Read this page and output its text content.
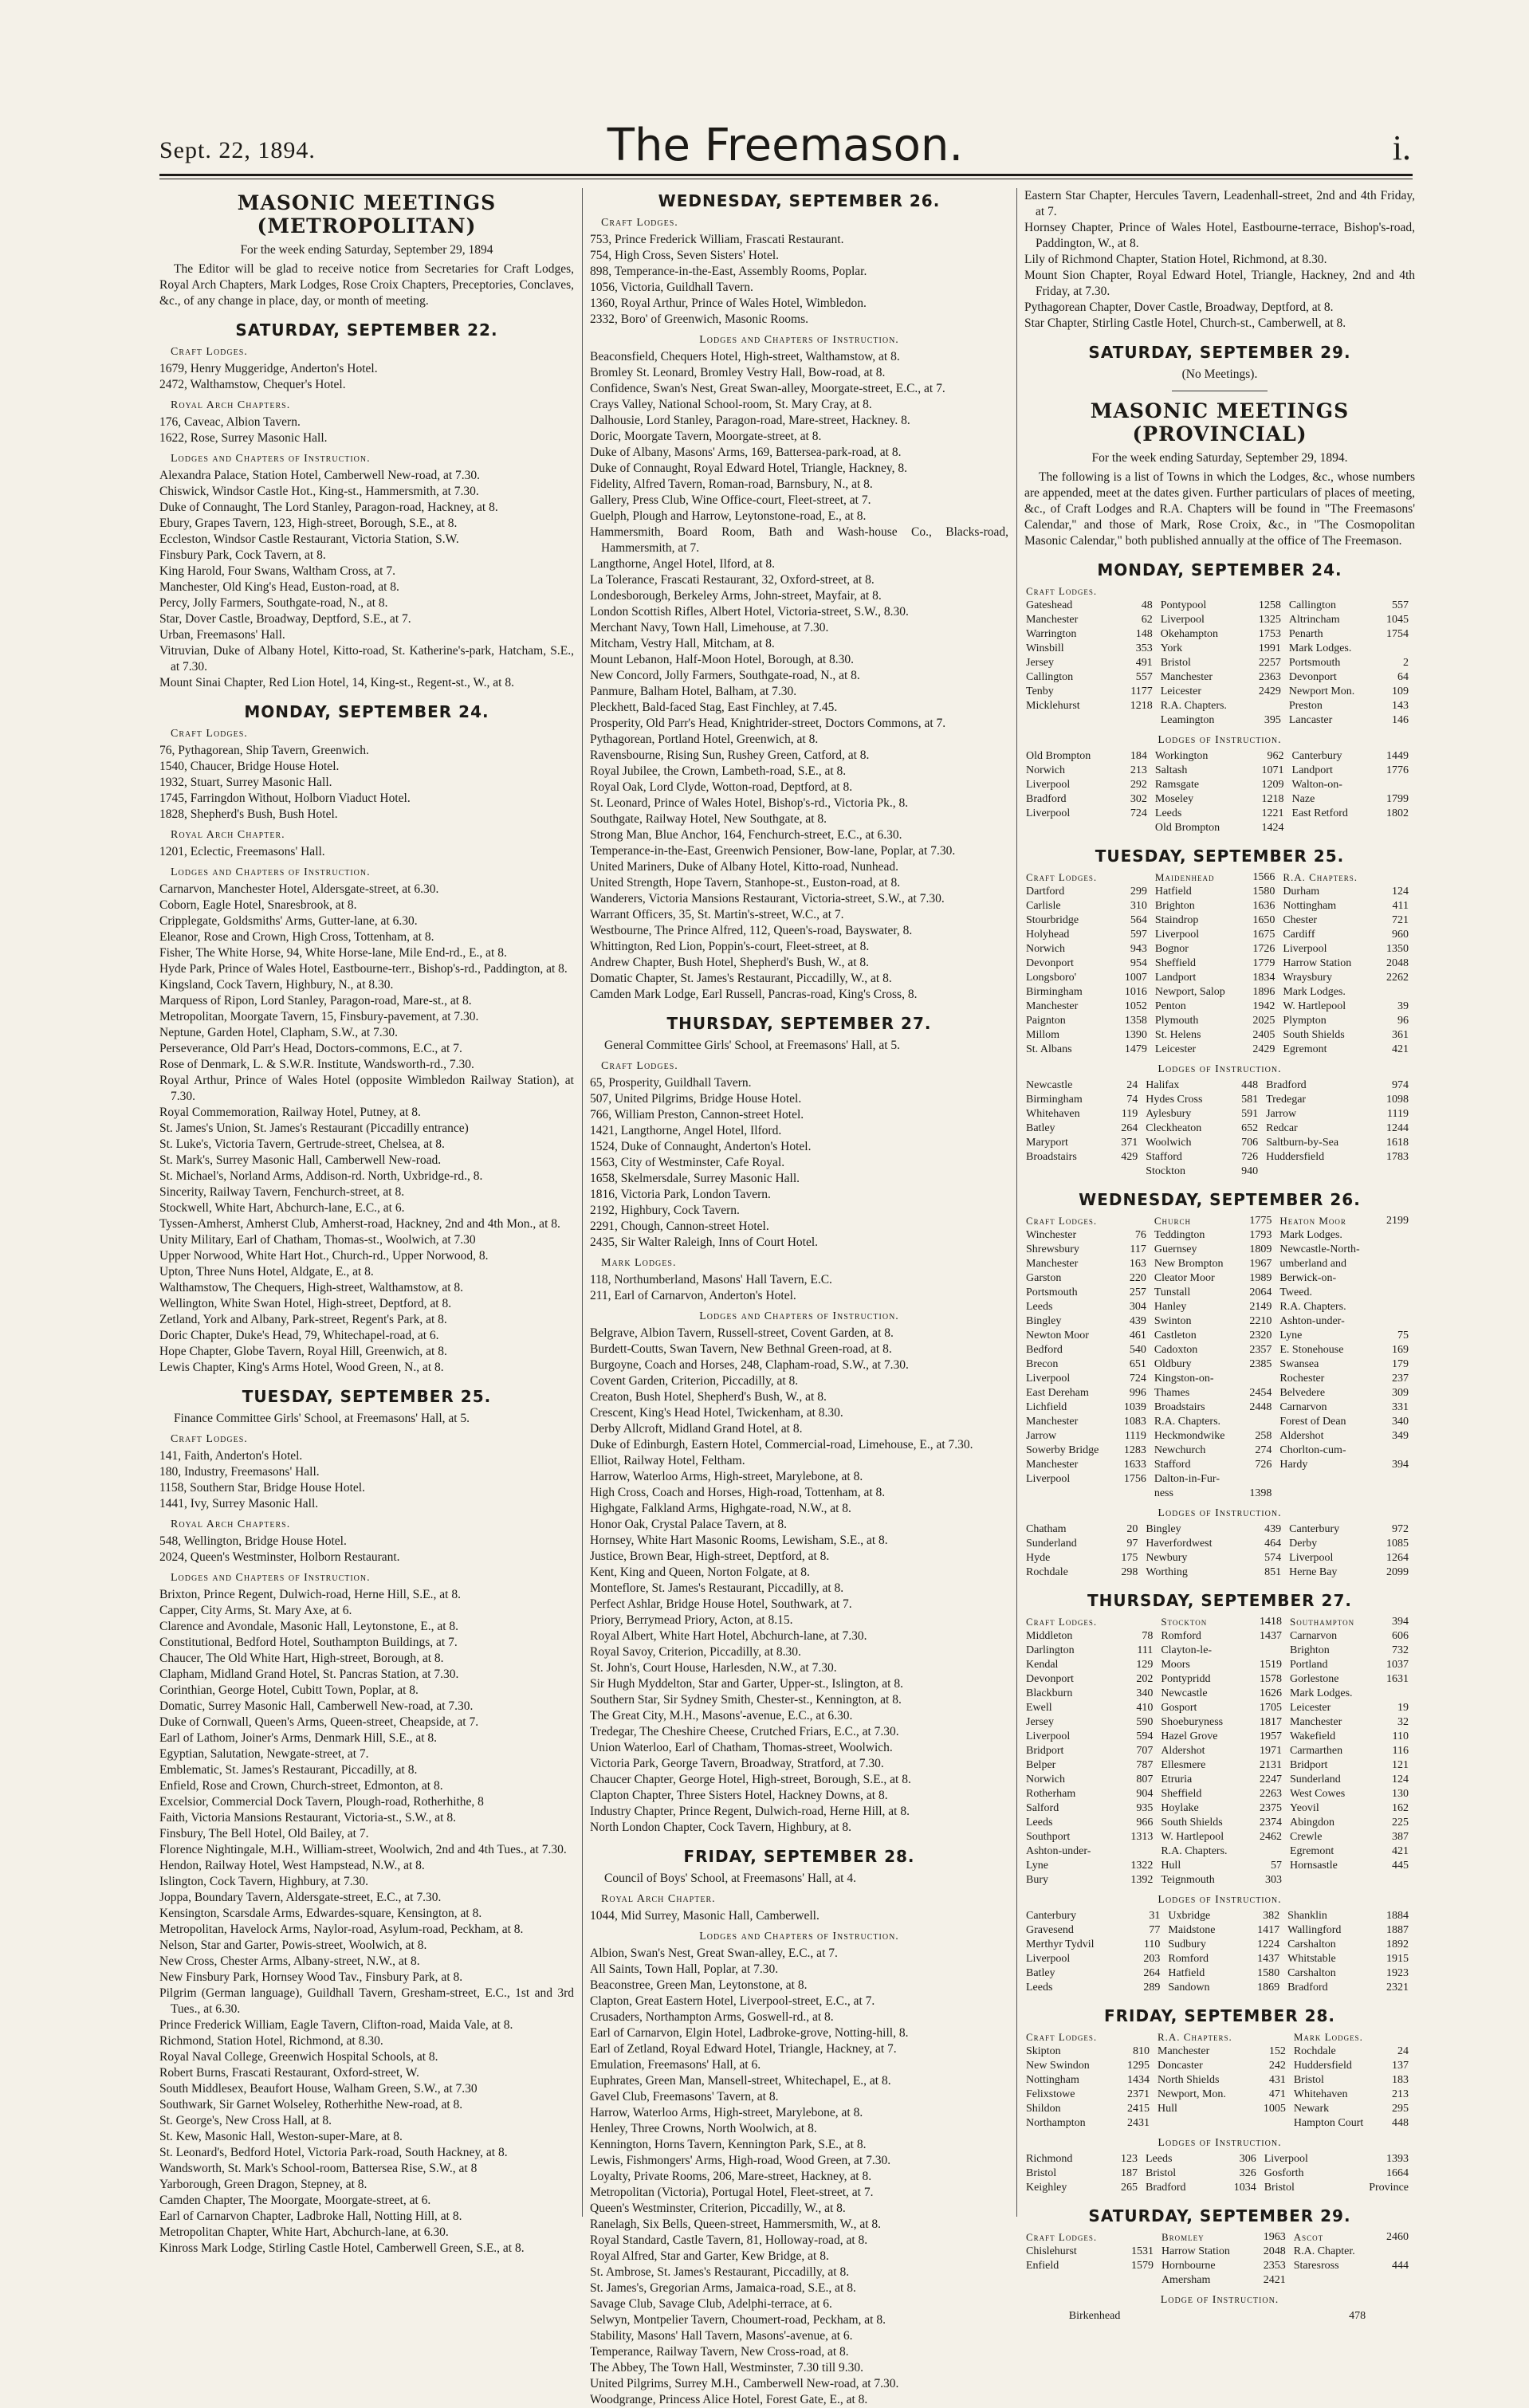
Sept. 22, 1894.	The Freemason.	i.
MASONIC MEETINGS (METROPOLITAN)
For the week ending Saturday, September 29, 1894

The Editor will be glad to receive notice from Secretaries for Craft Lodges, Royal Arch Chapters, Mark Lodges, Rose Croix Chapters, Preceptories, Conclaves, &c., of any change in place, day, or month of meeting.

SATURDAY, SEPTEMBER 22.
Craft Lodges.

1679, Henry Muggeridge, Anderton's Hotel.

2472, Walthamstow, Chequer's Hotel.

Royal Arch Chapters.

176, Caveac, Albion Tavern.

1622, Rose, Surrey Masonic Hall.

Lodges and Chapters of Instruction.

Alexandra Palace, Station Hotel, Camberwell New-road, at 7.30.

Chiswick, Windsor Castle Hot., King-st., Hammersmith, at 7.30.

Duke of Connaught, The Lord Stanley, Paragon-road, Hackney, at 8.

Ebury, Grapes Tavern, 123, High-street, Borough, S.E., at 8.

Eccleston, Windsor Castle Restaurant, Victoria Station, S.W.

Finsbury Park, Cock Tavern, at 8.

King Harold, Four Swans, Waltham Cross, at 7.

Manchester, Old King's Head, Euston-road, at 8.

Percy, Jolly Farmers, Southgate-road, N., at 8.

Star, Dover Castle, Broadway, Deptford, S.E., at 7.

Urban, Freemasons' Hall.

Vitruvian, Duke of Albany Hotel, Kitto-road, St. Katherine's-park, Hatcham, S.E., at 7.30.

Mount Sinai Chapter, Red Lion Hotel, 14, King-st., Regent-st., W., at 8.

MONDAY, SEPTEMBER 24.
Craft Lodges.

76, Pythagorean, Ship Tavern, Greenwich.

1540, Chaucer, Bridge House Hotel.

1932, Stuart, Surrey Masonic Hall.

1745, Farringdon Without, Holborn Viaduct Hotel.

1828, Shepherd's Bush, Bush Hotel.

Royal Arch Chapter.

1201, Eclectic, Freemasons' Hall.

Lodges and Chapters of Instruction.

Carnarvon, Manchester Hotel, Aldersgate-street, at 6.30.

Coborn, Eagle Hotel, Snaresbrook, at 8.

Cripplegate, Goldsmiths' Arms, Gutter-lane, at 6.30.

Eleanor, Rose and Crown, High Cross, Tottenham, at 8.

Fisher, The White Horse, 94, White Horse-lane, Mile End-rd., E., at 8.

Hyde Park, Prince of Wales Hotel, Eastbourne-terr., Bishop's-rd., Paddington, at 8.

Kingsland, Cock Tavern, Highbury, N., at 8.30.

Marquess of Ripon, Lord Stanley, Paragon-road, Mare-st., at 8.

Metropolitan, Moorgate Tavern, 15, Finsbury-pavement, at 7.30.

Neptune, Garden Hotel, Clapham, S.W., at 7.30.

Perseverance, Old Parr's Head, Doctors-commons, E.C., at 7.

Rose of Denmark, L. & S.W.R. Institute, Wandsworth-rd., 7.30.

Royal Arthur, Prince of Wales Hotel (opposite Wimbledon Railway Station), at 7.30.

Royal Commemoration, Railway Hotel, Putney, at 8.

St. James's Union, St. James's Restaurant (Piccadilly entrance)

St. Luke's, Victoria Tavern, Gertrude-street, Chelsea, at 8.

St. Mark's, Surrey Masonic Hall, Camberwell New-road.

St. Michael's, Norland Arms, Addison-rd. North, Uxbridge-rd., 8.

Sincerity, Railway Tavern, Fenchurch-street, at 8.

Stockwell, White Hart, Abchurch-lane, E.C., at 6.

Tyssen-Amherst, Amherst Club, Amherst-road, Hackney, 2nd and 4th Mon., at 8.

Unity Military, Earl of Chatham, Thomas-st., Woolwich, at 7.30

Upper Norwood, White Hart Hot., Church-rd., Upper Norwood, 8.

Upton, Three Nuns Hotel, Aldgate, E., at 8.

Walthamstow, The Chequers, High-street, Walthamstow, at 8.

Wellington, White Swan Hotel, High-street, Deptford, at 8.

Zetland, York and Albany, Park-street, Regent's Park, at 8.

Doric Chapter, Duke's Head, 79, Whitechapel-road, at 6.

Hope Chapter, Globe Tavern, Royal Hill, Greenwich, at 8.

Lewis Chapter, King's Arms Hotel, Wood Green, N., at 8.

TUESDAY, SEPTEMBER 25.

Finance Committee Girls' School, at Freemasons' Hall, at 5.

Craft Lodges.

141, Faith, Anderton's Hotel.

180, Industry, Freemasons' Hall.

1158, Southern Star, Bridge House Hotel.

1441, Ivy, Surrey Masonic Hall.

Royal Arch Chapters.

548, Wellington, Bridge House Hotel.

2024, Queen's Westminster, Holborn Restaurant.

Lodges and Chapters of Instruction.

Brixton, Prince Regent, Dulwich-road, Herne Hill, S.E., at 8.

Capper, City Arms, St. Mary Axe, at 6.

Clarence and Avondale, Masonic Hall, Leytonstone, E., at 8.

Constitutional, Bedford Hotel, Southampton Buildings, at 7.

Chaucer, The Old White Hart, High-street, Borough, at 8.

Clapham, Midland Grand Hotel, St. Pancras Station, at 7.30.

Corinthian, George Hotel, Cubitt Town, Poplar, at 8.

Domatic, Surrey Masonic Hall, Camberwell New-road, at 7.30.

Duke of Cornwall, Queen's Arms, Queen-street, Cheapside, at 7.

Earl of Lathom, Joiner's Arms, Denmark Hill, S.E., at 8.

Egyptian, Salutation, Newgate-street, at 7.

Emblematic, St. James's Restaurant, Piccadilly, at 8.

Enfield, Rose and Crown, Church-street, Edmonton, at 8.

Excelsior, Commercial Dock Tavern, Plough-road, Rotherhithe, 8

Faith, Victoria Mansions Restaurant, Victoria-st., S.W., at 8.

Finsbury, The Bell Hotel, Old Bailey, at 7.

Florence Nightingale, M.H., William-street, Woolwich, 2nd and 4th Tues., at 7.30.

Hendon, Railway Hotel, West Hampstead, N.W., at 8.

Islington, Cock Tavern, Highbury, at 7.30.

Joppa, Boundary Tavern, Aldersgate-street, E.C., at 7.30.

Kensington, Scarsdale Arms, Edwardes-square, Kensington, at 8.

Metropolitan, Havelock Arms, Naylor-road, Asylum-road, Peckham, at 8.

Nelson, Star and Garter, Powis-street, Woolwich, at 8.

New Cross, Chester Arms, Albany-street, N.W., at 8.

New Finsbury Park, Hornsey Wood Tav., Finsbury Park, at 8.

Pilgrim (German language), Guildhall Tavern, Gresham-street, E.C., 1st and 3rd Tues., at 6.30.

Prince Frederick William, Eagle Tavern, Clifton-road, Maida Vale, at 8.

Richmond, Station Hotel, Richmond, at 8.30.

Royal Naval College, Greenwich Hospital Schools, at 8.

Robert Burns, Frascati Restaurant, Oxford-street, W.

South Middlesex, Beaufort House, Walham Green, S.W., at 7.30

Southwark, Sir Garnet Wolseley, Rotherhithe New-road, at 8.

St. George's, New Cross Hall, at 8.

St. Kew, Masonic Hall, Weston-super-Mare, at 8.

St. Leonard's, Bedford Hotel, Victoria Park-road, South Hackney, at 8.

Wandsworth, St. Mark's School-room, Battersea Rise, S.W., at 8

Yarborough, Green Dragon, Stepney, at 8.

Camden Chapter, The Moorgate, Moorgate-street, at 6.

Earl of Carnarvon Chapter, Ladbroke Hall, Notting Hill, at 8.

Metropolitan Chapter, White Hart, Abchurch-lane, at 6.30.

Kinross Mark Lodge, Stirling Castle Hotel, Camberwell Green, S.E., at 8.

WEDNESDAY, SEPTEMBER 26.
Craft Lodges.

753, Prince Frederick William, Frascati Restaurant.

754, High Cross, Seven Sisters' Hotel.

898, Temperance-in-the-East, Assembly Rooms, Poplar.

1056, Victoria, Guildhall Tavern.

1360, Royal Arthur, Prince of Wales Hotel, Wimbledon.

2332, Boro' of Greenwich, Masonic Rooms.

Lodges and Chapters of Instruction.

Beaconsfield, Chequers Hotel, High-street, Walthamstow, at 8.

Bromley St. Leonard, Bromley Vestry Hall, Bow-road, at 8.

Confidence, Swan's Nest, Great Swan-alley, Moorgate-street, E.C., at 7.

Crays Valley, National School-room, St. Mary Cray, at 8.

Dalhousie, Lord Stanley, Paragon-road, Mare-street, Hackney. 8.

Doric, Moorgate Tavern, Moorgate-street, at 8.

Duke of Albany, Masons' Arms, 169, Battersea-park-road, at 8.

Duke of Connaught, Royal Edward Hotel, Triangle, Hackney, 8.

Fidelity, Alfred Tavern, Roman-road, Barnsbury, N., at 8.

Gallery, Press Club, Wine Office-court, Fleet-street, at 7.

Guelph, Plough and Harrow, Leytonstone-road, E., at 8.

Hammersmith, Board Room, Bath and Wash-house Co., Blacks-road, Hammersmith, at 7.

Langthorne, Angel Hotel, Ilford, at 8.

La Tolerance, Frascati Restaurant, 32, Oxford-street, at 8.

Londesborough, Berkeley Arms, John-street, Mayfair, at 8.

London Scottish Rifles, Albert Hotel, Victoria-street, S.W., 8.30.

Merchant Navy, Town Hall, Limehouse, at 7.30.

Mitcham, Vestry Hall, Mitcham, at 8.

Mount Lebanon, Half-Moon Hotel, Borough, at 8.30.

New Concord, Jolly Farmers, Southgate-road, N., at 8.

Panmure, Balham Hotel, Balham, at 7.30.

Pleckhett, Bald-faced Stag, East Finchley, at 7.45.

Prosperity, Old Parr's Head, Knightrider-street, Doctors Commons, at 7.

Pythagorean, Portland Hotel, Greenwich, at 8.

Ravensbourne, Rising Sun, Rushey Green, Catford, at 8.

Royal Jubilee, the Crown, Lambeth-road, S.E., at 8.

Royal Oak, Lord Clyde, Wotton-road, Deptford, at 8.

St. Leonard, Prince of Wales Hotel, Bishop's-rd., Victoria Pk., 8.

Southgate, Railway Hotel, New Southgate, at 8.

Strong Man, Blue Anchor, 164, Fenchurch-street, E.C., at 6.30.

Temperance-in-the-East, Greenwich Pensioner, Bow-lane, Poplar, at 7.30.

United Mariners, Duke of Albany Hotel, Kitto-road, Nunhead.

United Strength, Hope Tavern, Stanhope-st., Euston-road, at 8.

Wanderers, Victoria Mansions Restaurant, Victoria-street, S.W., at 7.30.

Warrant Officers, 35, St. Martin's-street, W.C., at 7.

Westbourne, The Prince Alfred, 112, Queen's-road, Bayswater, 8.

Whittington, Red Lion, Poppin's-court, Fleet-street, at 8.

Andrew Chapter, Bush Hotel, Shepherd's Bush, W., at 8.

Domatic Chapter, St. James's Restaurant, Piccadilly, W., at 8.

Camden Mark Lodge, Earl Russell, Pancras-road, King's Cross, 8.

THURSDAY, SEPTEMBER 27.

General Committee Girls' School, at Freemasons' Hall, at 5.

Craft Lodges.

65, Prosperity, Guildhall Tavern.

507, United Pilgrims, Bridge House Hotel.

766, William Preston, Cannon-street Hotel.

1421, Langthorne, Angel Hotel, Ilford.

1524, Duke of Connaught, Anderton's Hotel.

1563, City of Westminster, Cafe Royal.

1658, Skelmersdale, Surrey Masonic Hall.

1816, Victoria Park, London Tavern.

2192, Highbury, Cock Tavern.

2291, Chough, Cannon-street Hotel.

2435, Sir Walter Raleigh, Inns of Court Hotel.

Mark Lodges.

118, Northumberland, Masons' Hall Tavern, E.C.

211, Earl of Carnarvon, Anderton's Hotel.

Lodges and Chapters of Instruction.

Belgrave, Albion Tavern, Russell-street, Covent Garden, at 8.

Burdett-Coutts, Swan Tavern, New Bethnal Green-road, at 8.

Burgoyne, Coach and Horses, 248, Clapham-road, S.W., at 7.30.

Covent Garden, Criterion, Piccadilly, at 8.

Creaton, Bush Hotel, Shepherd's Bush, W., at 8.

Crescent, King's Head Hotel, Twickenham, at 8.30.

Derby Allcroft, Midland Grand Hotel, at 8.

Duke of Edinburgh, Eastern Hotel, Commercial-road, Limehouse, E., at 7.30.

Elliot, Railway Hotel, Feltham.

Harrow, Waterloo Arms, High-street, Marylebone, at 8.

High Cross, Coach and Horses, High-road, Tottenham, at 8.

Highgate, Falkland Arms, Highgate-road, N.W., at 8.

Honor Oak, Crystal Palace Tavern, at 8.

Hornsey, White Hart Masonic Rooms, Lewisham, S.E., at 8.

Justice, Brown Bear, High-street, Deptford, at 8.

Kent, King and Queen, Norton Folgate, at 8.

Monteflore, St. James's Restaurant, Piccadilly, at 8.

Perfect Ashlar, Bridge House Hotel, Southwark, at 7.

Priory, Berrymead Priory, Acton, at 8.15.

Royal Albert, White Hart Hotel, Abchurch-lane, at 7.30.

Royal Savoy, Criterion, Piccadilly, at 8.30.

St. John's, Court House, Harlesden, N.W., at 7.30.

Sir Hugh Myddelton, Star and Garter, Upper-st., Islington, at 8.

Southern Star, Sir Sydney Smith, Chester-st., Kennington, at 8.

The Great City, M.H., Masons'-avenue, E.C., at 6.30.

Tredegar, The Cheshire Cheese, Crutched Friars, E.C., at 7.30.

Union Waterloo, Earl of Chatham, Thomas-street, Woolwich.

Victoria Park, George Tavern, Broadway, Stratford, at 7.30.

Chaucer Chapter, George Hotel, High-street, Borough, S.E., at 8.

Clapton Chapter, Three Sisters Hotel, Hackney Downs, at 8.

Industry Chapter, Prince Regent, Dulwich-road, Herne Hill, at 8.

North London Chapter, Cock Tavern, Highbury, at 8.

FRIDAY, SEPTEMBER 28.

Council of Boys' School, at Freemasons' Hall, at 4.

Royal Arch Chapter.

1044, Mid Surrey, Masonic Hall, Camberwell.

Lodges and Chapters of Instruction.

Albion, Swan's Nest, Great Swan-alley, E.C., at 7.

All Saints, Town Hall, Poplar, at 7.30.

Beaconstree, Green Man, Leytonstone, at 8.

Clapton, Great Eastern Hotel, Liverpool-street, E.C., at 7.

Crusaders, Northampton Arms, Goswell-rd., at 8.

Earl of Carnarvon, Elgin Hotel, Ladbroke-grove, Notting-hill, 8.

Earl of Zetland, Royal Edward Hotel, Triangle, Hackney, at 7.

Emulation, Freemasons' Hall, at 6.

Euphrates, Green Man, Mansell-street, Whitechapel, E., at 8.

Gavel Club, Freemasons' Tavern, at 8.

Harrow, Waterloo Arms, High-street, Marylebone, at 8.

Henley, Three Crowns, North Woolwich, at 8.

Kennington, Horns Tavern, Kennington Park, S.E., at 8.

Lewis, Fishmongers' Arms, High-road, Wood Green, at 7.30.

Loyalty, Private Rooms, 206, Mare-street, Hackney, at 8.

Metropolitan (Victoria), Portugal Hotel, Fleet-street, at 7.

Queen's Westminster, Criterion, Piccadilly, W., at 8.

Ranelagh, Six Bells, Queen-street, Hammersmith, W., at 8.

Royal Standard, Castle Tavern, 81, Holloway-road, at 8.

Royal Alfred, Star and Garter, Kew Bridge, at 8.

St. Ambrose, St. James's Restaurant, Piccadilly, at 8.

St. James's, Gregorian Arms, Jamaica-road, S.E., at 8.

Savage Club, Savage Club, Adelphi-terrace, at 6.

Selwyn, Montpelier Tavern, Choumert-road, Peckham, at 8.

Stability, Masons' Hall Tavern, Masons'-avenue, at 6.

Temperance, Railway Tavern, New Cross-road, at 8.

The Abbey, The Town Hall, Westminster, 7.30 till 9.30.

United Pilgrims, Surrey M.H., Camberwell New-road, at 7.30.

Woodgrange, Princess Alice Hotel, Forest Gate, E., at 8.

Eastern Star Chapter, Hercules Tavern, Leadenhall-street, 2nd and 4th Friday, at 7.

Hornsey Chapter, Prince of Wales Hotel, Eastbourne-terrace, Bishop's-road, Paddington, W., at 8.

Lily of Richmond Chapter, Station Hotel, Richmond, at 8.30.

Mount Sion Chapter, Royal Edward Hotel, Triangle, Hackney, 2nd and 4th Friday, at 7.30.

Pythagorean Chapter, Dover Castle, Broadway, Deptford, at 8.

Star Chapter, Stirling Castle Hotel, Church-st., Camberwell, at 8.

SATURDAY, SEPTEMBER 29.
(No Meetings).
MASONIC MEETINGS (PROVINCIAL)
For the week ending Saturday, September 29, 1894.

The following is a list of Towns in which the Lodges, &c., whose numbers are appended, meet at the dates given. Further particulars of places of meeting, &c., of Craft Lodges and R.A. Chapters will be found in "The Freemasons' Calendar," and those of Mark, Rose Croix, &c., in "The Cosmopolitan Masonic Calendar," both published annually at the office of The Freemason.

MONDAY, SEPTEMBER 24.
Craft Lodges.					
Gateshead	48	Pontypool	1258	Callington	557
Manchester	62	Liverpool	1325	Altrincham	1045
Warrington	148	Okehampton	1753	Penarth	1754
Winsbill	353	York	1991	Mark Lodges.	
Jersey	491	Bristol	2257	Portsmouth	2
Callington	557	Manchester	2363	Devonport	64
Tenby	1177	Leicester	2429	Newport Mon.	109
Micklehurst	1218	R.A. Chapters.		Preston	143
		Leamington	395	Lancaster	146
Lodges of Instruction.
Old Brompton	184	Workington	962	Canterbury	1449
Norwich	213	Saltash	1071	Landport	1776
Liverpool	292	Ramsgate	1209	Walton-on-	
Bradford	302	Moseley	1218	Naze	1799
Liverpool	724	Leeds	1221	East Retford	1802
		Old Brompton	1424		
TUESDAY, SEPTEMBER 25.
Craft Lodges.		Maidenhead	1566	R.A. Chapters.	
Dartford	299	Hatfield	1580	Durham	124
Carlisle	310	Brighton	1636	Nottingham	411
Stourbridge	564	Staindrop	1650	Chester	721
Holyhead	597	Liverpool	1675	Cardiff	960
Norwich	943	Bognor	1726	Liverpool	1350
Devonport	954	Sheffield	1779	Harrow Station	2048
Longsboro'	1007	Landport	1834	Wraysbury	2262
Birmingham	1016	Newport, Salop	1896	Mark Lodges.	
Manchester	1052	Penton	1942	W. Hartlepool	39
Paignton	1358	Plymouth	2025	Plympton	96
Millom	1390	St. Helens	2405	South Shields	361
St. Albans	1479	Leicester	2429	Egremont	421
Lodges of Instruction.
Newcastle	24	Halifax	448	Bradford	974
Birmingham	74	Hydes Cross	581	Tredegar	1098
Whitehaven	119	Aylesbury	591	Jarrow	1119
Batley	264	Cleckheaton	652	Redcar	1244
Maryport	371	Woolwich	706	Saltburn-by-Sea	1618
Broadstairs	429	Stafford	726	Huddersfield	1783
		Stockton	940		
WEDNESDAY, SEPTEMBER 26.
Craft Lodges.		Church	1775	Heaton Moor	2199
Winchester	76	Teddington	1793	Mark Lodges.	
Shrewsbury	117	Guernsey	1809	Newcastle-North-	
Manchester	163	New Brompton	1967	umberland and	
Garston	220	Cleator Moor	1989	Berwick-on-	
Portsmouth	257	Tunstall	2064	Tweed.	
Leeds	304	Hanley	2149	R.A. Chapters.	
Bingley	439	Swinton	2210	Ashton-under-	
Newton Moor	461	Castleton	2320	Lyne	75
Bedford	540	Cadoxton	2357	E. Stonehouse	169
Brecon	651	Oldbury	2385	Swansea	179
Liverpool	724	Kingston-on-		Rochester	237
East Dereham	996	Thames	2454	Belvedere	309
Lichfield	1039	Broadstairs	2448	Carnarvon	331
Manchester	1083	R.A. Chapters.		Forest of Dean	340
Jarrow	1119	Heckmondwike	258	Aldershot	349
Sowerby Bridge	1283	Newchurch	274	Chorlton-cum-	
Manchester	1633	Stafford	726	Hardy	394
Liverpool	1756	Dalton-in-Fur-			
		ness	1398		
Lodges of Instruction.
Chatham	20	Bingley	439	Canterbury	972
Sunderland	97	Haverfordwest	464	Derby	1085
Hyde	175	Newbury	574	Liverpool	1264
Rochdale	298	Worthing	851	Herne Bay	2099
THURSDAY, SEPTEMBER 27.
Craft Lodges.		Stockton	1418	Southampton	394
Middleton	78	Romford	1437	Carnarvon	606
Darlington	111	Clayton-le-		Brighton	732
Kendal	129	Moors	1519	Portland	1037
Devonport	202	Pontypridd	1578	Gorlestone	1631
Blackburn	340	Newcastle	1626	Mark Lodges.	
Ewell	410	Gosport	1705	Leicester	19
Jersey	590	Shoeburyness	1817	Manchester	32
Liverpool	594	Hazel Grove	1957	Wakefield	110
Bridport	707	Aldershot	1971	Carmarthen	116
Belper	787	Ellesmere	2131	Bridport	121
Norwich	807	Etruria	2247	Sunderland	124
Rotherham	904	Sheffield	2263	West Cowes	130
Salford	935	Hoylake	2375	Yeovil	162
Leeds	966	South Shields	2374	Abingdon	225
Southport	1313	W. Hartlepool	2462	Crewle	387
Ashton-under-		R.A. Chapters.		Egremont	421
Lyne	1322	Hull	57	Hornsastle	445
Bury	1392	Teignmouth	303		
Lodges of Instruction.
Canterbury	31	Uxbridge	382	Shanklin	1884
Gravesend	77	Maidstone	1417	Wallingford	1887
Merthyr Tydvil	110	Sudbury	1224	Carshalton	1892
Liverpool	203	Romford	1437	Whitstable	1915
Batley	264	Hatfield	1580	Carshalton	1923
Leeds	289	Sandown	1869	Bradford	2321
FRIDAY, SEPTEMBER 28.
Craft Lodges.		R.A. Chapters.		Mark Lodges.	
Skipton	810	Manchester	152	Rochdale	24
New Swindon	1295	Doncaster	242	Huddersfield	137
Nottingham	1434	North Shields	431	Bristol	183
Felixstowe	2371	Newport, Mon.	471	Whitehaven	213
Shildon	2415	Hull	1005	Newark	295
Northampton	2431			Hampton Court	448
Lodges of Instruction.
Richmond	123	Leeds	306	Liverpool	1393
Bristol	187	Bristol	326	Gosforth	1664
Keighley	265	Bradford	1034	Bristol	Province
SATURDAY, SEPTEMBER 29.
Craft Lodges.		Bromley	1963	Ascot	2460
Chislehurst	1531	Harrow Station	2048	R.A. Chapter.	
Enfield	1579	Hornbourne	2353	Staresross	444
		Amersham	2421		
Lodge of Instruction.
		Birkenhead	478		
